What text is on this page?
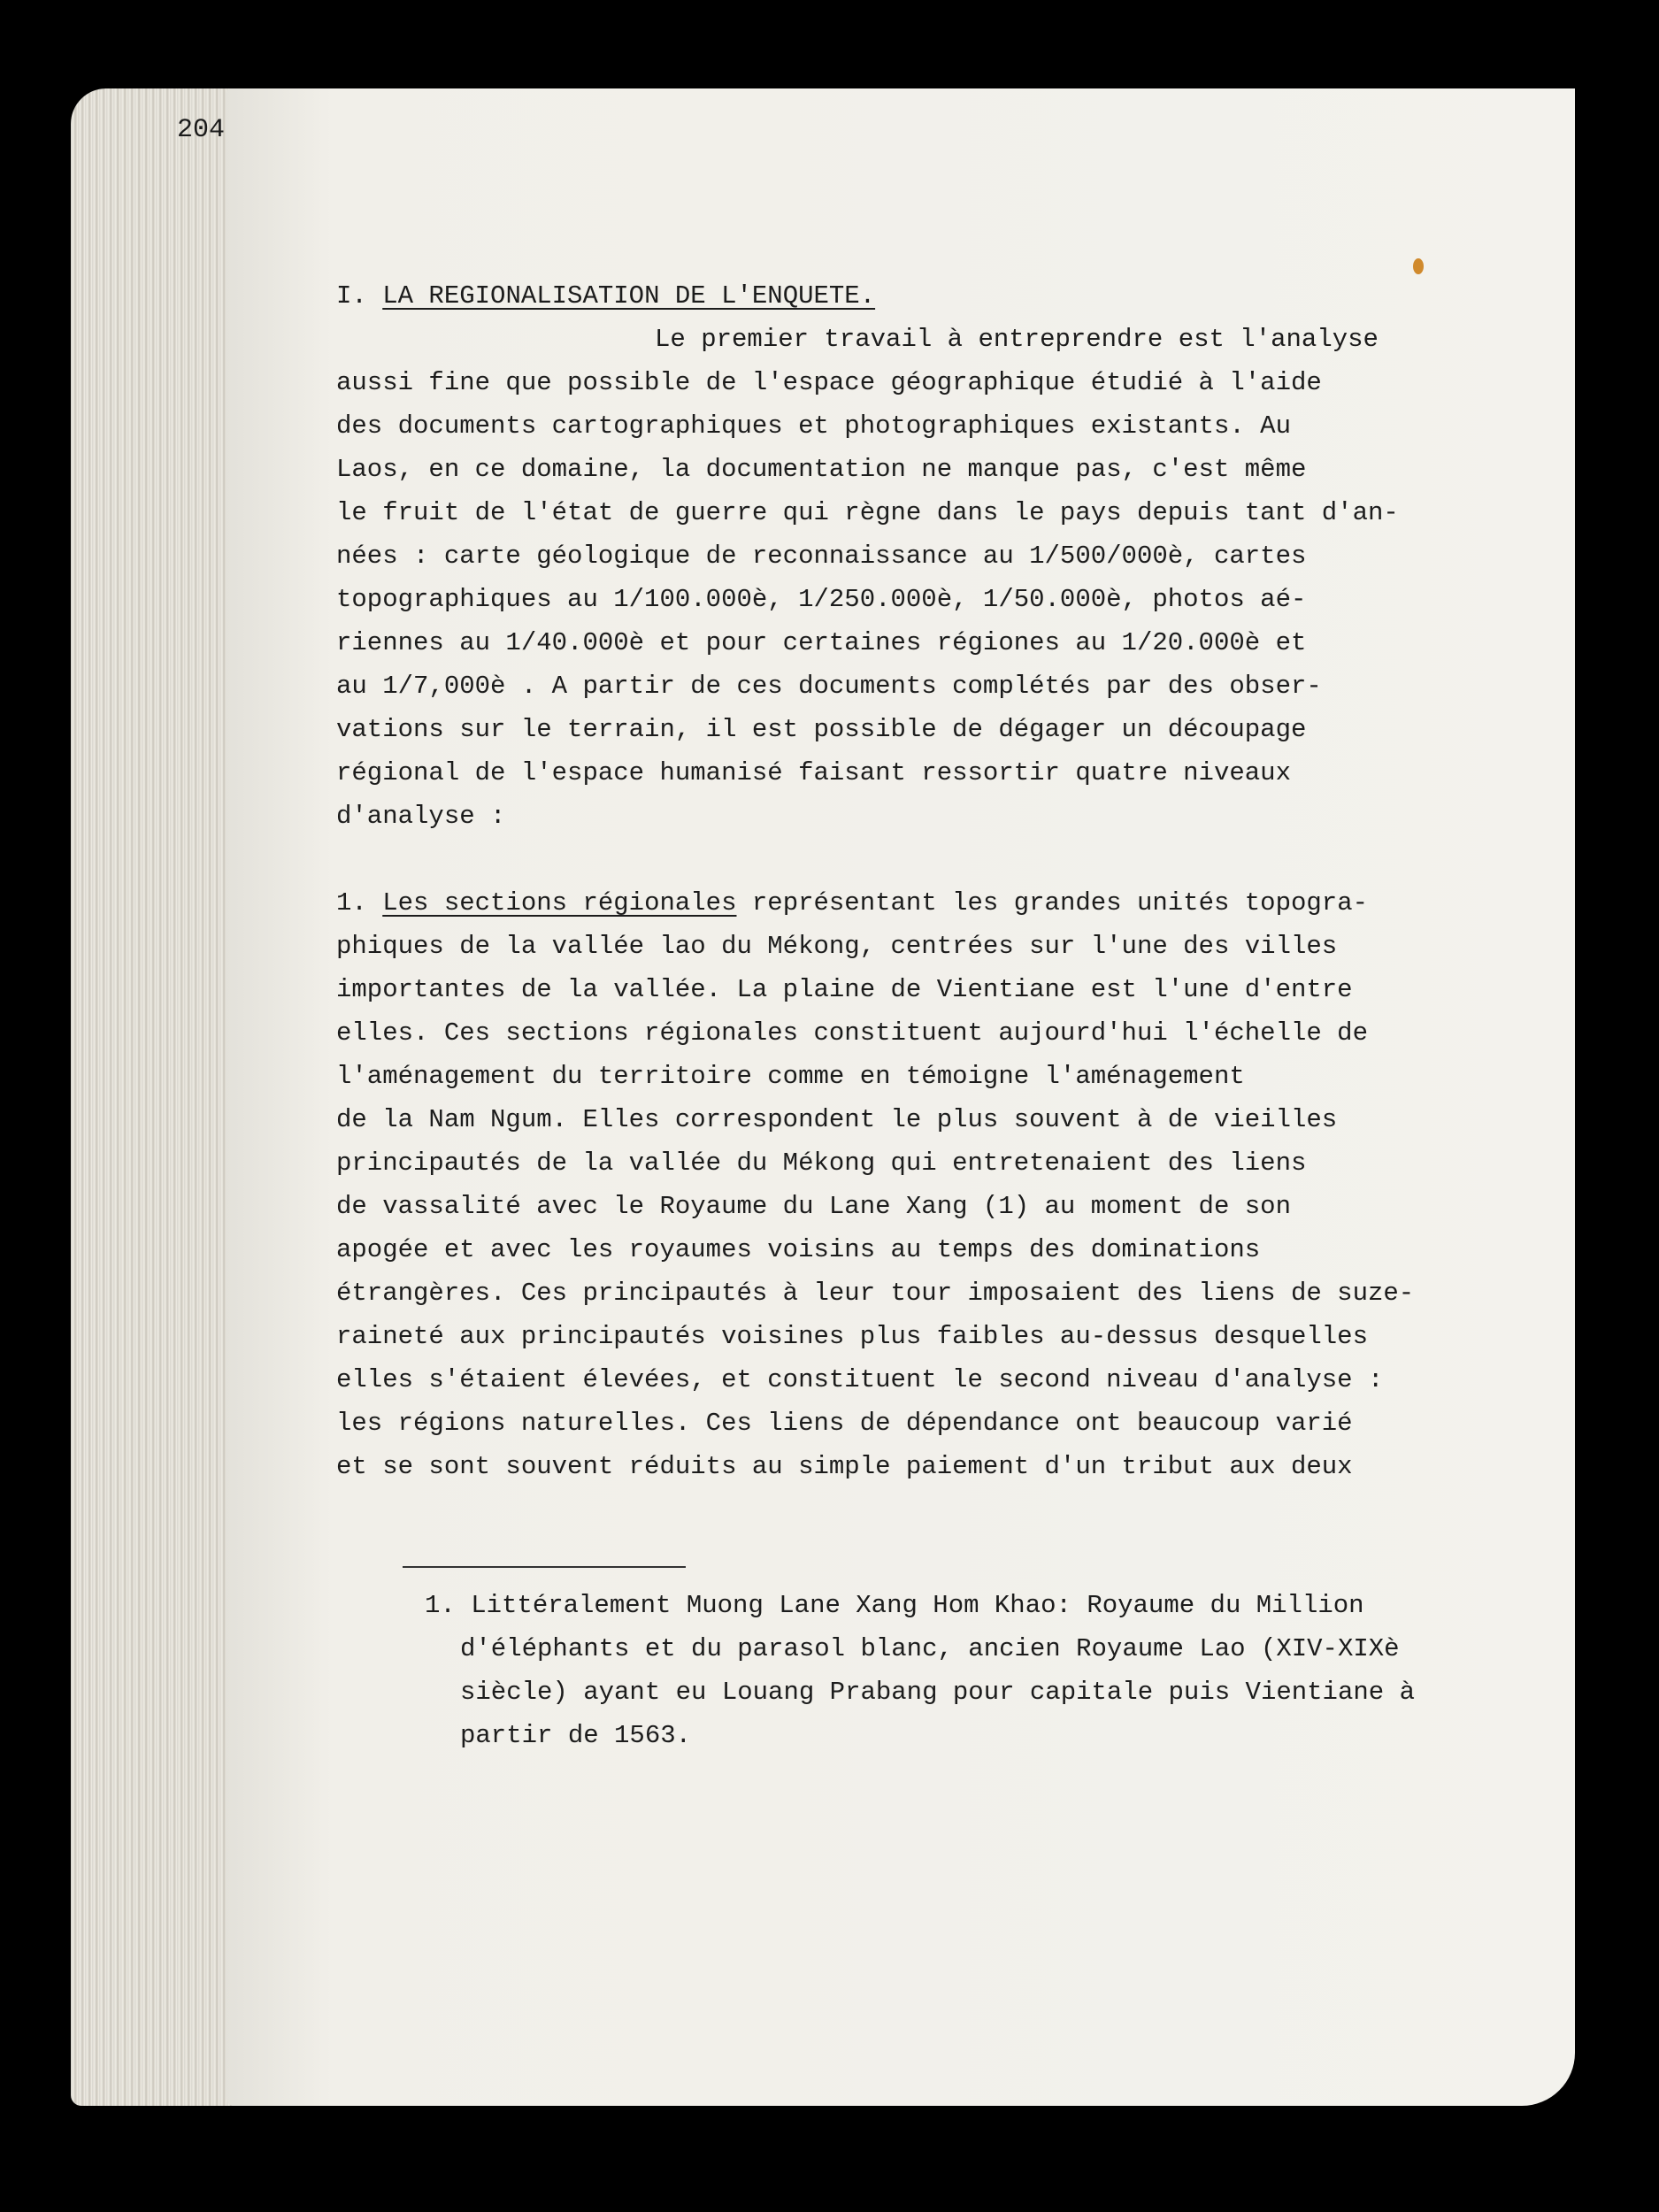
204
I. LA REGIONALISATION DE L'ENQUETE.
Le premier travail à entreprendre est l'analyse
aussi fine que possible de l'espace géographique étudié à l'aide
des documents cartographiques et photographiques existants. Au
Laos, en ce domaine, la documentation ne manque pas, c'est même
le fruit de l'état de guerre qui règne dans le pays depuis tant d'an-
nées : carte géologique de reconnaissance au 1/500/000è, cartes
topographiques au 1/100.000è, 1/250.000è, 1/50.000è, photos aé-
riennes au 1/40.000è et pour certaines régiones au 1/20.000è et
au 1/7,000è . A partir de ces documents complétés par des obser-
vations sur le terrain, il est possible de dégager un découpage
régional de l'espace humanisé faisant ressortir quatre niveaux
d'analyse :
1. Les sections régionales représentant les grandes unités topogra-
phiques de la vallée lao du Mékong, centrées sur l'une des villes
importantes de la vallée. La plaine de Vientiane est l'une d'entre
elles. Ces sections régionales constituent aujourd'hui l'échelle de
l'aménagement du territoire comme en témoigne l'aménagement
de la Nam Ngum. Elles correspondent le plus souvent à de vieilles
principautés de la vallée du Mékong qui entretenaient des liens
de vassalité avec le Royaume du Lane Xang (1) au moment de son
apogée et avec les royaumes voisins au temps des dominations
étrangères. Ces principautés à leur tour imposaient des liens de suze-
raineté aux principautés voisines plus faibles au-dessus desquelles
elles s'étaient élevées, et constituent le second niveau d'analyse :
les régions naturelles. Ces liens de dépendance ont beaucoup varié
et se sont souvent réduits au simple paiement d'un tribut aux deux
1. Littéralement Muong Lane Xang Hom Khao: Royaume du Million
d'éléphants et du parasol blanc, ancien Royaume Lao (XIV-XIXè
siècle) ayant eu Louang Prabang pour capitale puis Vientiane à
partir de 1563.
